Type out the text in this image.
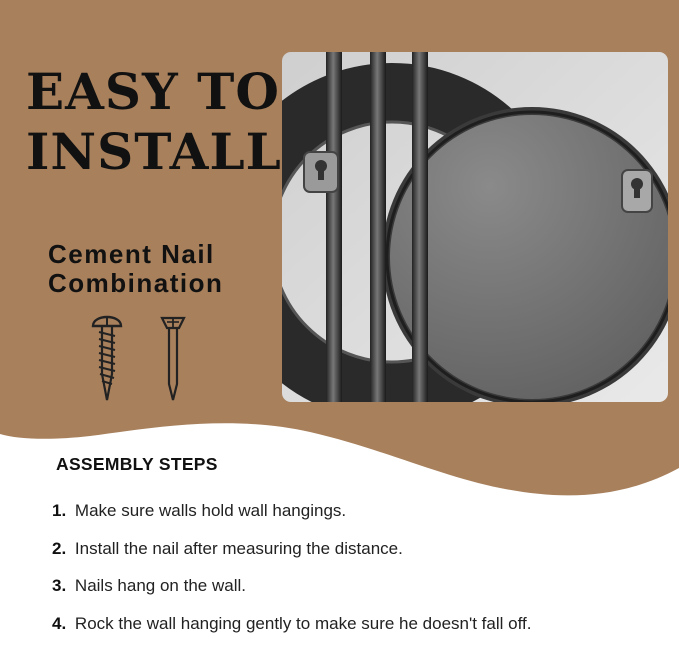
EASY TO
INSTALL
Cement Nail
Combination
ASSEMBLY STEPS
1. Make sure walls hold wall hangings.
2. Install the nail after measuring the distance.
3. Nails hang on the wall.
4. Rock the wall hanging gently to make sure he doesn't fall off.
